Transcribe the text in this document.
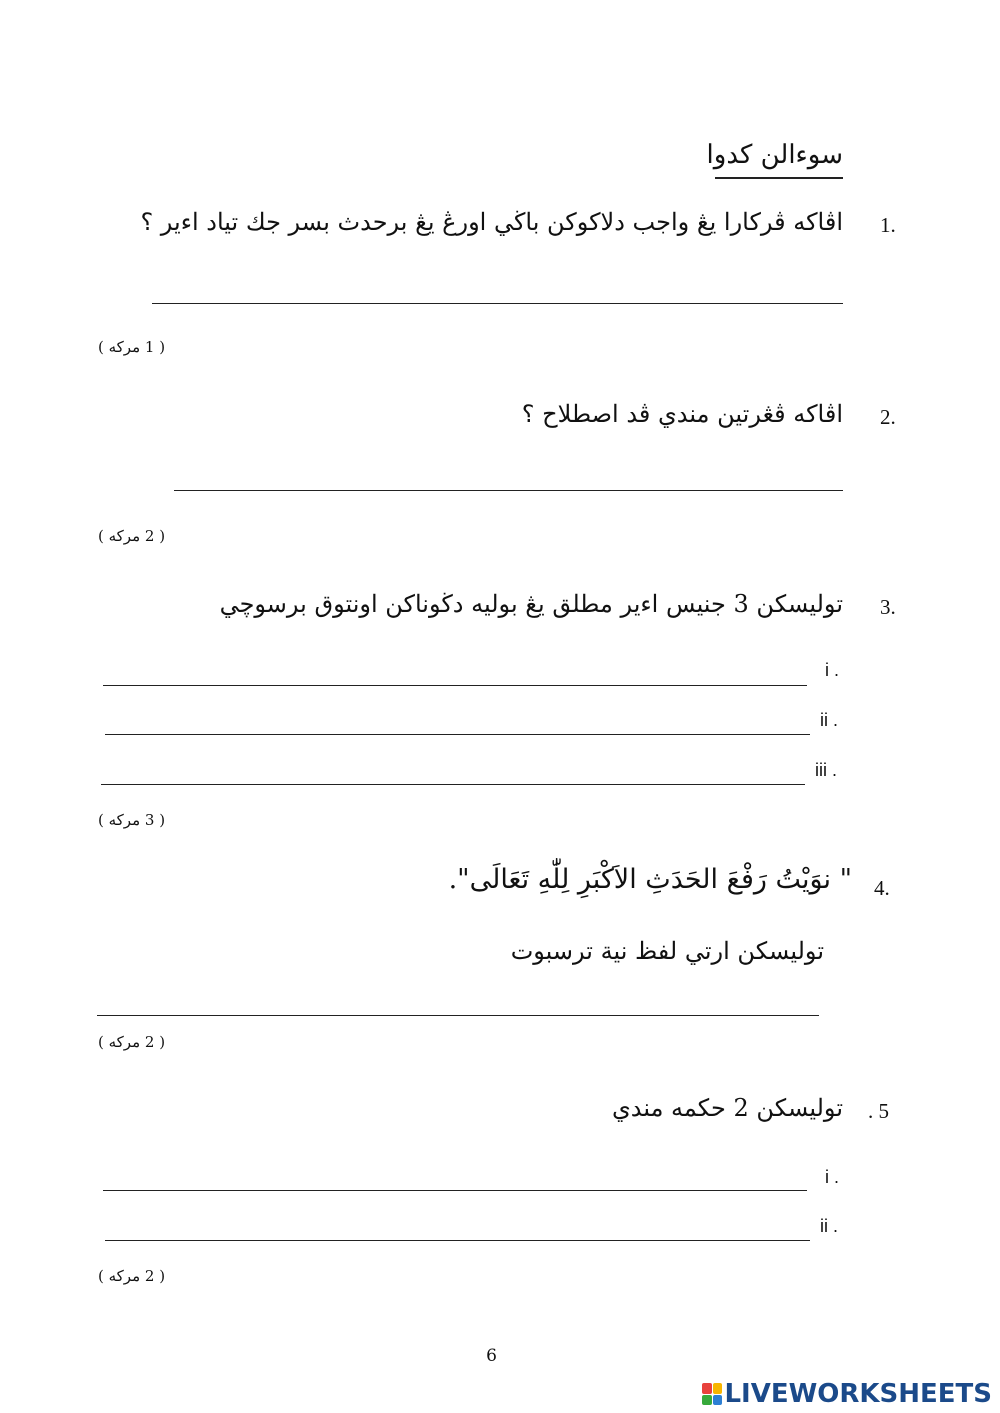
سوءالن كدوا
1.
اڤاكه ڤركارا يڠ واجب دلاكوكن باڬي اورڠ يڠ برحدث بسر جك تياد اءير ؟
( 1 مركه )
2.
اڤاكه ڤڠرتين مندي ڤد اصطلاح ؟
( 2 مركه )
3.
توليسكن 3 جنيس اءير مطلق يڠ بوليه دڬوناكن اونتوق برسوچي
i .
ii .
iii .
( 3 مركه )
4.
" نوَيْتُ رَفْعَ الحَدَثِ الاَكْبَرِ لِلّٰهِ تَعَالَى".
توليسكن ارتي لفظ نية ترسبوت
( 2 مركه )
. 5
توليسكن 2 حكمه مندي
i .
ii .
( 2 مركه )
6
LIVEWORKSHEETS
